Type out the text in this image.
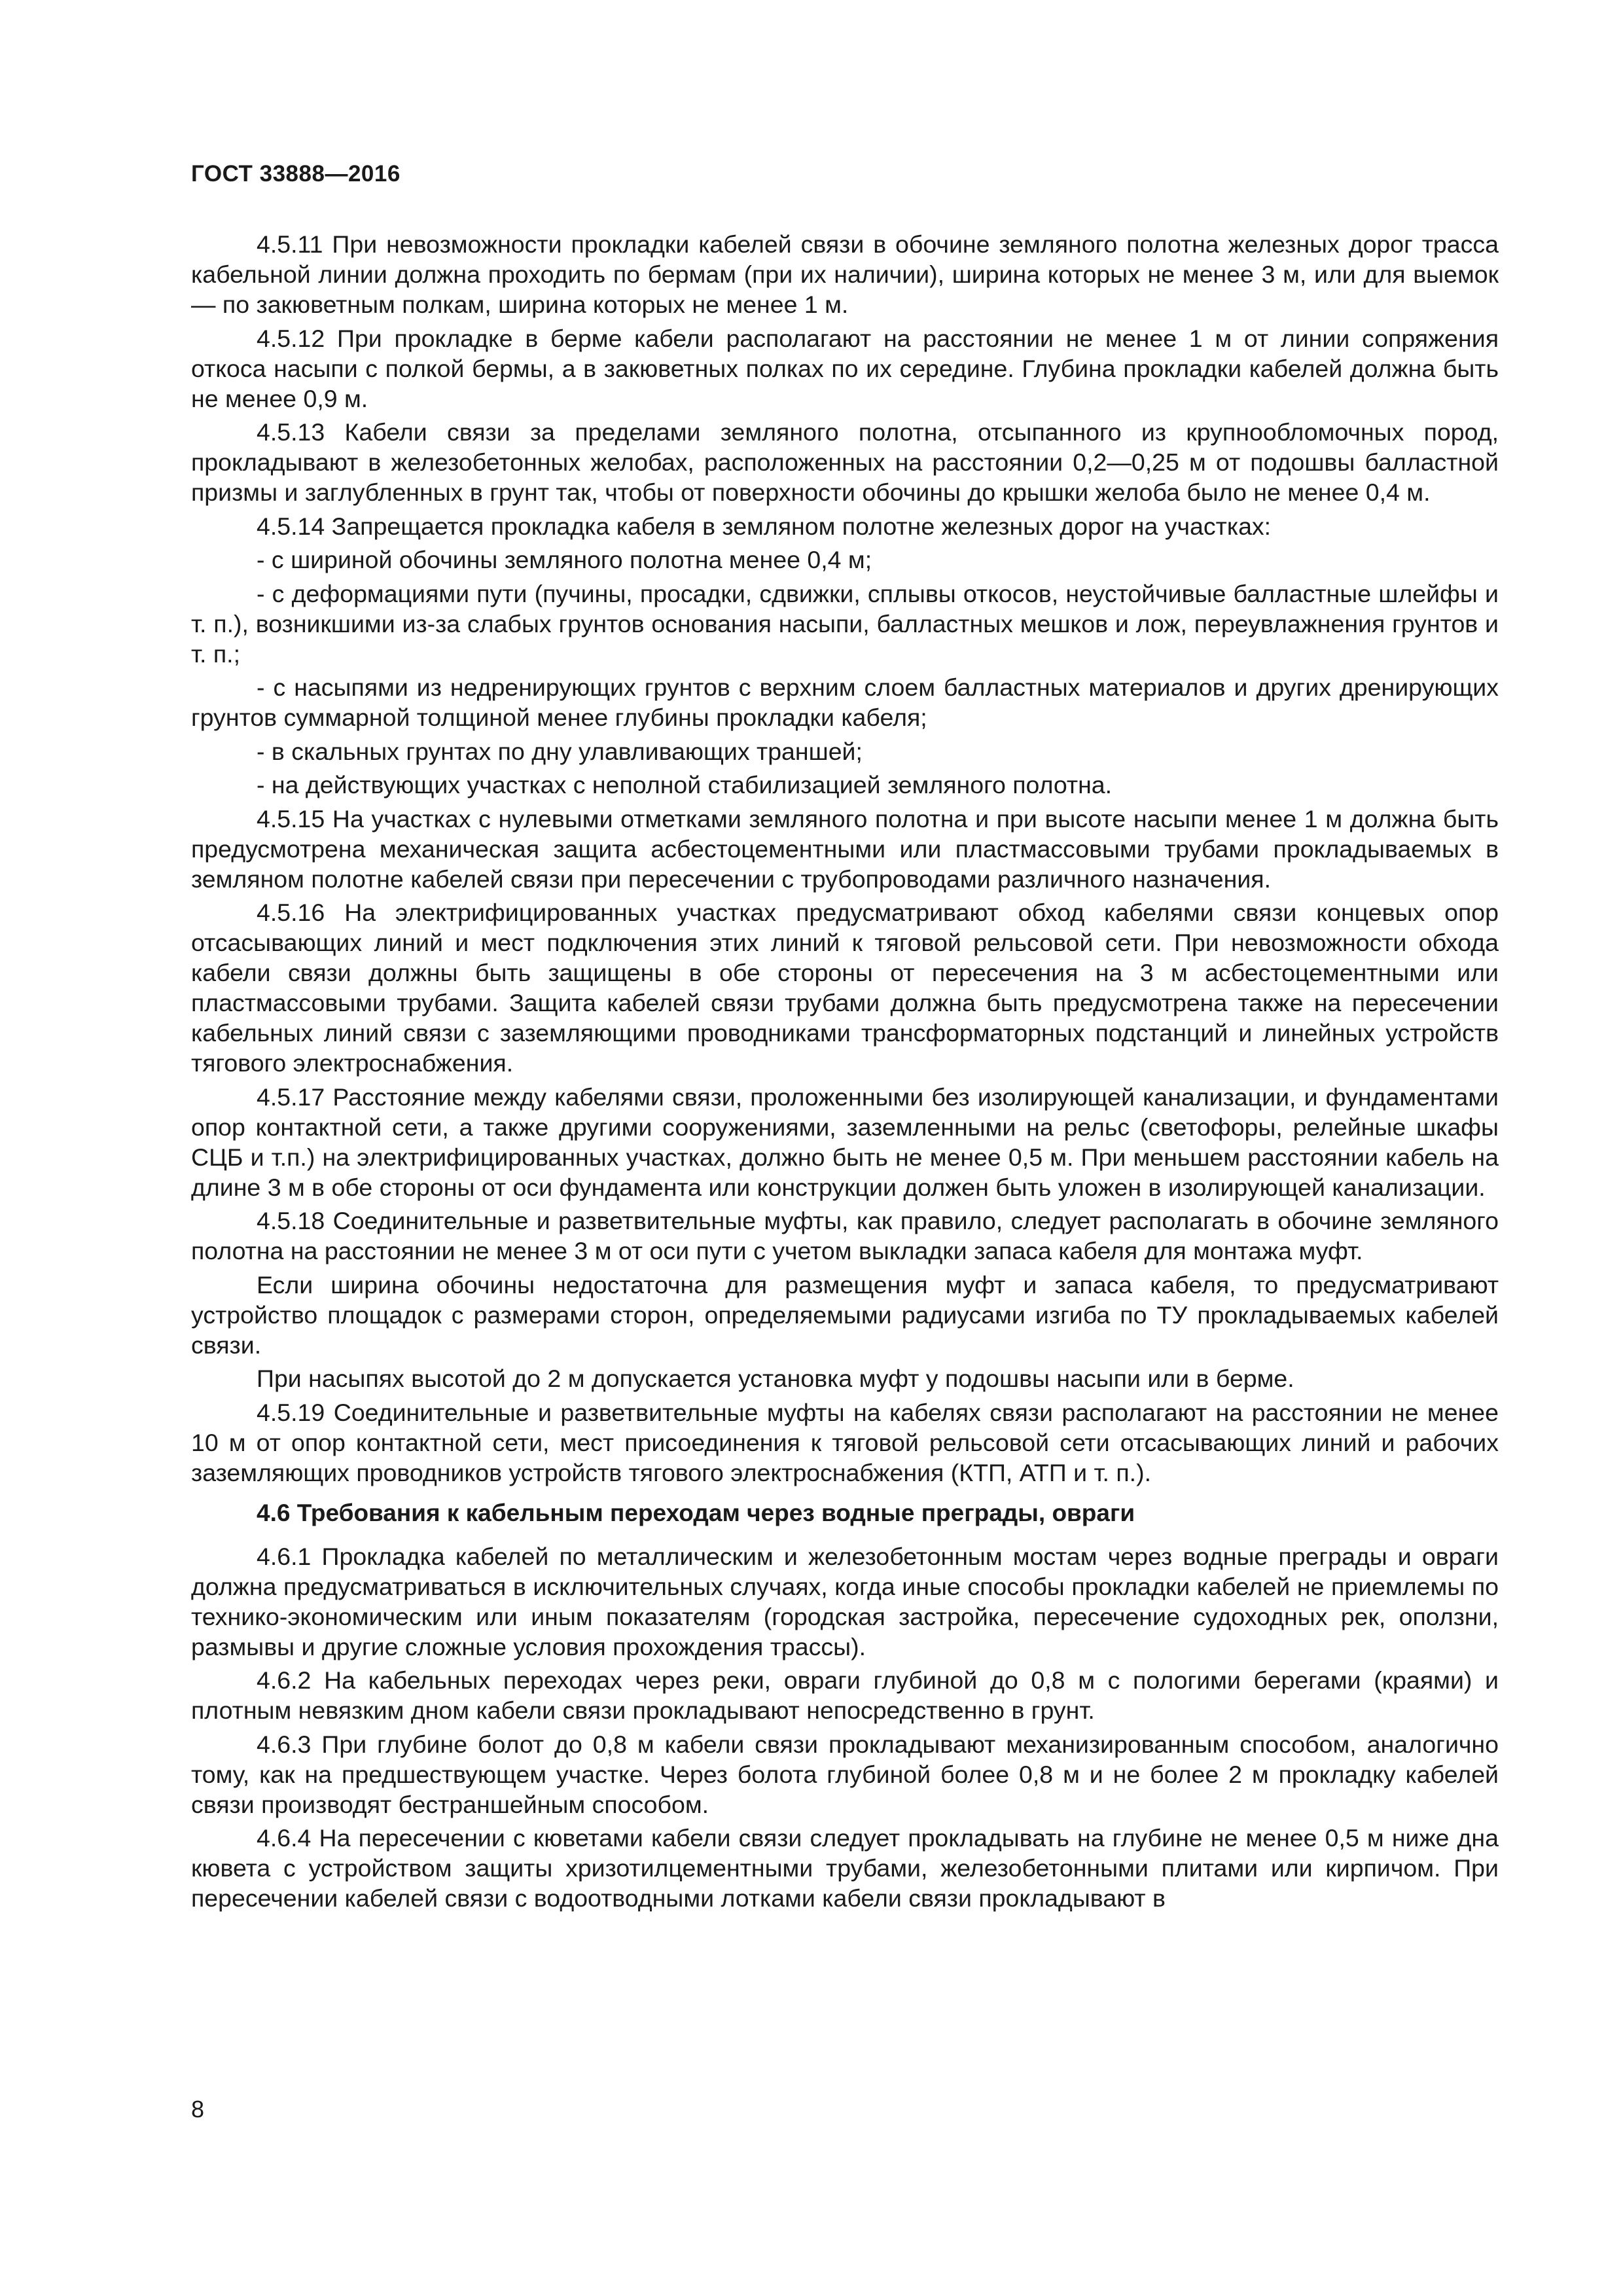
ГОСТ 33888—2016

4.5.11 При невозможности прокладки кабелей связи в обочине земляного полотна железных дорог трасса кабельной линии должна проходить по бермам (при их наличии), ширина которых не менее 3 м, или для выемок — по закюветным полкам, ширина которых не менее 1 м.

4.5.12 При прокладке в берме кабели располагают на расстоянии не менее 1 м от линии сопряжения откоса насыпи с полкой бермы, а в закюветных полках по их середине. Глубина прокладки кабелей должна быть не менее 0,9 м.

4.5.13 Кабели связи за пределами земляного полотна, отсыпанного из крупнообломочных пород, прокладывают в железобетонных желобах, расположенных на расстоянии 0,2—0,25 м от подошвы балластной призмы и заглубленных в грунт так, чтобы от поверхности обочины до крышки желоба было не менее 0,4 м.

4.5.14 Запрещается прокладка кабеля в земляном полотне железных дорог на участках:

- с шириной обочины земляного полотна менее 0,4 м;

- с деформациями пути (пучины, просадки, сдвижки, сплывы откосов, неустойчивые балластные шлейфы и т. п.), возникшими из-за слабых грунтов основания насыпи, балластных мешков и лож, переувлажнения грунтов и т. п.;

- с насыпями из недренирующих грунтов с верхним слоем балластных материалов и других дренирующих грунтов суммарной толщиной менее глубины прокладки кабеля;

- в скальных грунтах по дну улавливающих траншей;

- на действующих участках с неполной стабилизацией земляного полотна.

4.5.15 На участках с нулевыми отметками земляного полотна и при высоте насыпи менее 1 м должна быть предусмотрена механическая защита асбестоцементными или пластмассовыми трубами прокладываемых в земляном полотне кабелей связи при пересечении с трубопроводами различного назначения.

4.5.16 На электрифицированных участках предусматривают обход кабелями связи концевых опор отсасывающих линий и мест подключения этих линий к тяговой рельсовой сети. При невозможности обхода кабели связи должны быть защищены в обе стороны от пересечения на 3 м асбестоцементными или пластмассовыми трубами. Защита кабелей связи трубами должна быть предусмотрена также на пересечении кабельных линий связи с заземляющими проводниками трансформаторных подстанций и линейных устройств тягового электроснабжения.

4.5.17 Расстояние между кабелями связи, проложенными без изолирующей канализации, и фундаментами опор контактной сети, а также другими сооружениями, заземленными на рельс (светофоры, релейные шкафы СЦБ и т.п.) на электрифицированных участках, должно быть не менее 0,5 м. При меньшем расстоянии кабель на длине 3 м в обе стороны от оси фундамента или конструкции должен быть уложен в изолирующей канализации.

4.5.18 Соединительные и разветвительные муфты, как правило, следует располагать в обочине земляного полотна на расстоянии не менее 3 м от оси пути с учетом выкладки запаса кабеля для монтажа муфт.

Если ширина обочины недостаточна для размещения муфт и запаса кабеля, то предусматривают устройство площадок с размерами сторон, определяемыми радиусами изгиба по ТУ прокладываемых кабелей связи.

При насыпях высотой до 2 м допускается установка муфт у подошвы насыпи или в берме.

4.5.19 Соединительные и разветвительные муфты на кабелях связи располагают на расстоянии не менее 10 м от опор контактной сети, мест присоединения к тяговой рельсовой сети отсасывающих линий и рабочих заземляющих проводников устройств тягового электроснабжения (КТП, АТП и т. п.).

4.6 Требования к кабельным переходам через водные преграды, овраги

4.6.1 Прокладка кабелей по металлическим и железобетонным мостам через водные преграды и овраги должна предусматриваться в исключительных случаях, когда иные способы прокладки кабелей не приемлемы по технико-экономическим или иным показателям (городская застройка, пересечение судоходных рек, оползни, размывы и другие сложные условия прохождения трассы).

4.6.2 На кабельных переходах через реки, овраги глубиной до 0,8 м с пологими берегами (краями) и плотным невязким дном кабели связи прокладывают непосредственно в грунт.

4.6.3 При глубине болот до 0,8 м кабели связи прокладывают механизированным способом, аналогично тому, как на предшествующем участке. Через болота глубиной более 0,8 м и не более 2 м прокладку кабелей связи производят бестраншейным способом.

4.6.4 На пересечении с кюветами кабели связи следует прокладывать на глубине не менее 0,5 м ниже дна кювета с устройством защиты хризотилцементными трубами, железобетонными плитами или кирпичом. При пересечении кабелей связи с водоотводными лотками кабели связи прокладывают в

8
